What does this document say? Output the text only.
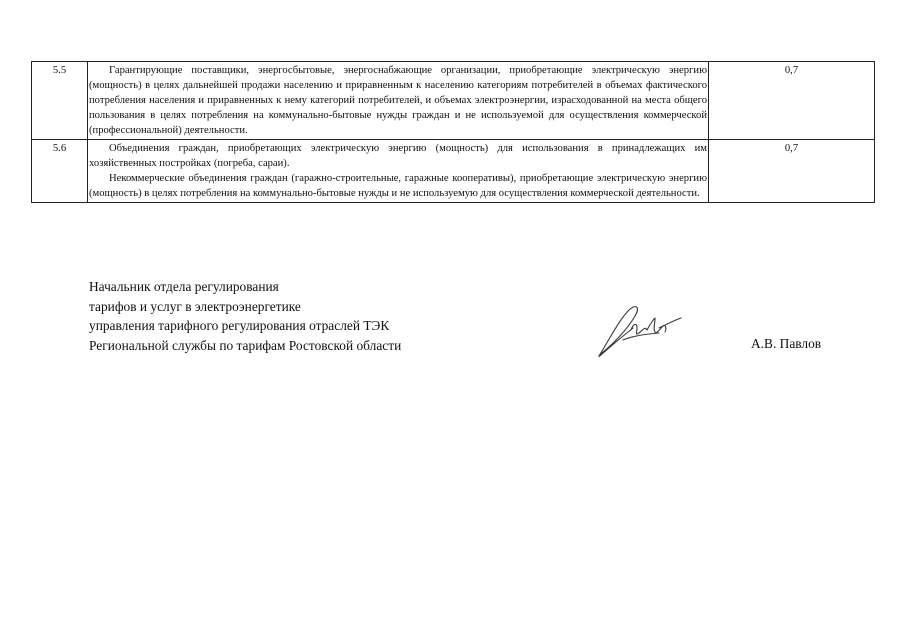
5.5	Гарантирующие поставщики, энергосбытовые, энергоснабжающие организации, приобретающие электрическую энергию (мощность) в целях дальнейшей продажи населению и приравненным к населению категориям потребителей в объемах фактического потребления населения и приравненных к нему категорий потребителей, и объемах электроэнергии, израсходованной на места общего пользования в целях потребления на коммунально-бытовые нужды граждан и не используемой для осуществления коммерческой (профессиональной) деятельности.	0,7
5.6	Объединения граждан, приобретающих электрическую энергию (мощность) для использования в принадлежащих им хозяйственных постройках (погреба, сараи).

Некоммерческие объединения граждан (гаражно-строительные, гаражные кооперативы), приобретающие электрическую энергию (мощность) в целях потребления на коммунально-бытовые нужды и не используемую для осуществления коммерческой деятельности.	0,7
Начальник отдела регулирования
тарифов и услуг в электроэнергетике
управления тарифного регулирования отраслей ТЭК
Региональной службы по тарифам Ростовской области	А.В. Павлов
